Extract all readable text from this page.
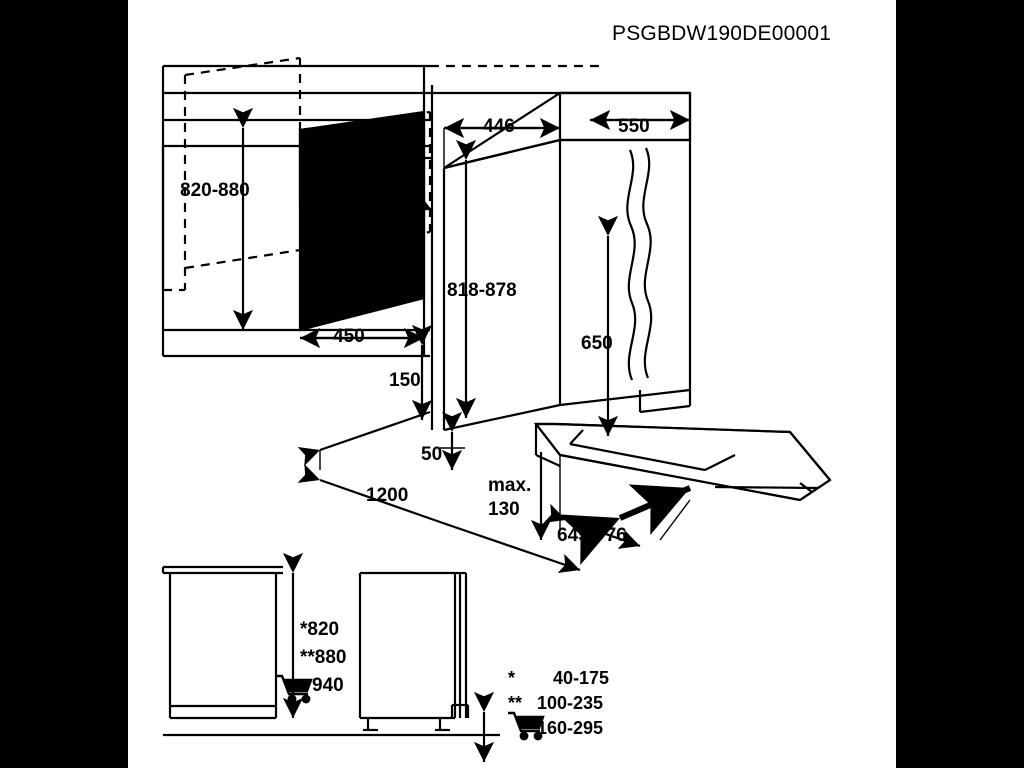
PSGBDW190DE00001
820-880
min. 550
450
446	550
818-878
650
150
50
1200	max. 130
645-776
*820
**880
940	* 40-175
** 100-235
160-295
